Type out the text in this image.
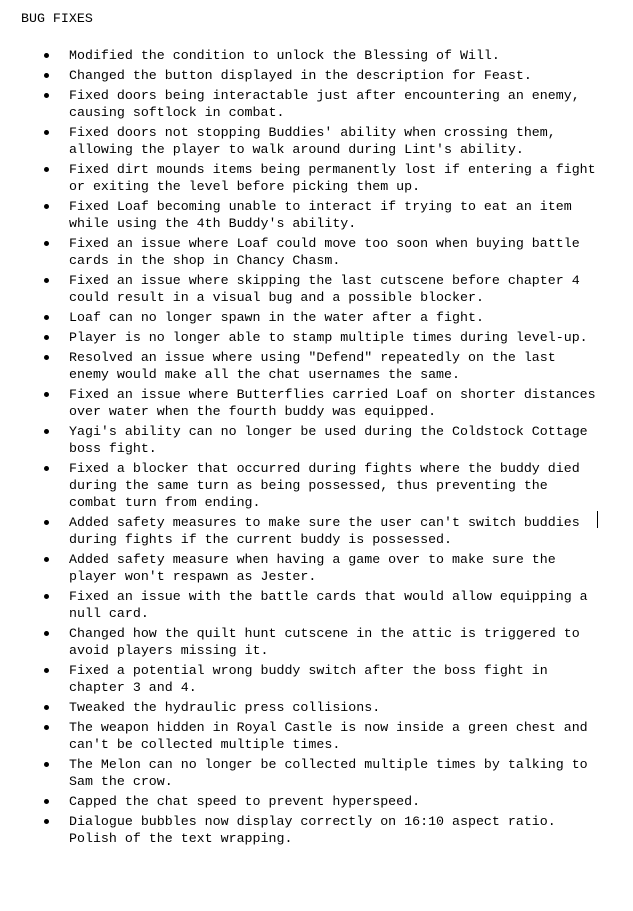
BUG FIXES
Modified the condition to unlock the Blessing of Will.
Changed the button displayed in the description for Feast.
Fixed doors being interactable just after encountering an enemy, causing softlock in combat.
Fixed doors not stopping Buddies' ability when crossing them, allowing the player to walk around during Lint's ability.
Fixed dirt mounds items being permanently lost if entering a fight or exiting the level before picking them up.
Fixed Loaf becoming unable to interact if trying to eat an item while using the 4th Buddy's ability.
Fixed an issue where Loaf could move too soon when buying battle cards in the shop in Chancy Chasm.
Fixed an issue where skipping the last cutscene before chapter 4 could result in a visual bug and a possible blocker.
Loaf can no longer spawn in the water after a fight.
Player is no longer able to stamp multiple times during level-up.
Resolved an issue where using "Defend" repeatedly on the last enemy would make all the chat usernames the same.
Fixed an issue where Butterflies carried Loaf on shorter distances over water when the fourth buddy was equipped.
Yagi's ability can no longer be used during the Coldstock Cottage boss fight.
Fixed a blocker that occurred during fights where the buddy died during the same turn as being possessed, thus preventing the combat turn from ending.
Added safety measures to make sure the user can't switch buddies during fights if the current buddy is possessed.
Added safety measure when having a game over to make sure the player won't respawn as Jester.
Fixed an issue with the battle cards that would allow equipping a null card.
Changed how the quilt hunt cutscene in the attic is triggered to avoid players missing it.
Fixed a potential wrong buddy switch after the boss fight in chapter 3 and 4.
Tweaked the hydraulic press collisions.
The weapon hidden in Royal Castle is now inside a green chest and can't be collected multiple times.
The Melon can no longer be collected multiple times by talking to Sam the crow.
Capped the chat speed to prevent hyperspeed.
Dialogue bubbles now display correctly on 16:10 aspect ratio. Polish of the text wrapping.
